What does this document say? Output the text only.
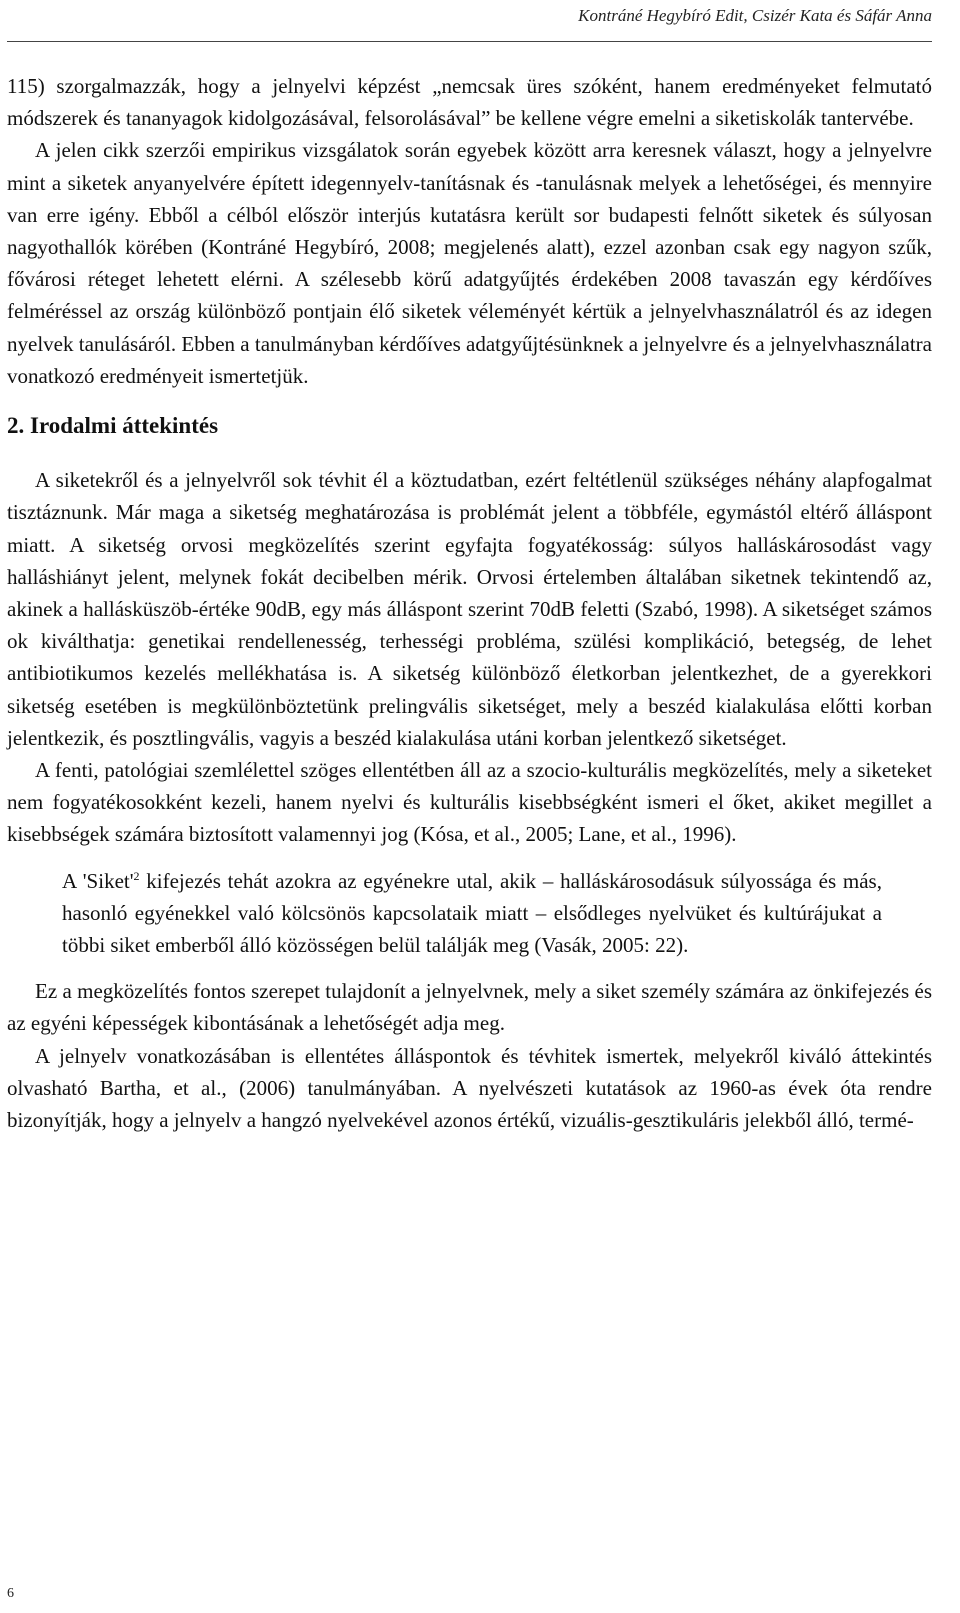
Kontráné Hegybíró Edit, Csizér Kata és Sáfár Anna

115) szorgalmazzák, hogy a jelnyelvi képzést „nemcsak üres szóként, hanem eredményeket felmutató módszerek és tananyagok kidolgozásával, felsorolásával” be kellene végre emelni a siketiskolák tantervébe.

A jelen cikk szerzői empirikus vizsgálatok során egyebek között arra keresnek választ, hogy a jelnyelvre mint a siketek anyanyelvére épített idegennyelv-tanításnak és -tanulásnak melyek a lehetőségei, és mennyire van erre igény. Ebből a célból először interjús kutatásra került sor budapesti felnőtt siketek és súlyosan nagyothallók körében (Kontráné Hegybíró, 2008; megjelenés alatt), ezzel azonban csak egy nagyon szűk, fővárosi réteget lehetett elérni. A szélesebb körű adatgyűjtés érdekében 2008 tavaszán egy kérdőíves felméréssel az ország különböző pontjain élő siketek véleményét kértük a jelnyelvhasználatról és az idegen nyelvek tanulásáról. Ebben a tanulmányban kérdőíves adatgyűjtésünknek a jelnyelvre és a jelnyelvhasználatra vonatkozó eredményeit ismertetjük.

2. Irodalmi áttekintés

A siketekről és a jelnyelvről sok tévhit él a köztudatban, ezért feltétlenül szükséges néhány alapfogalmat tisztáznunk. Már maga a siketség meghatározása is problémát jelent a többféle, egymástól eltérő álláspont miatt. A siketség orvosi megközelítés szerint egyfajta fogyatékosság: súlyos halláskárosodást vagy halláshiányt jelent, melynek fokát decibelben mérik. Orvosi értelemben általában siketnek tekintendő az, akinek a hallásküszöb-értéke 90dB, egy más álláspont szerint 70dB feletti (Szabó, 1998). A siketséget számos ok kiválthatja: genetikai rendellenesség, terhességi probléma, szülési komplikáció, betegség, de lehet antibiotikumos kezelés mellékhatása is. A siketség különböző életkorban jelentkezhet, de a gyerekkori siketség esetében is megkülönböztetünk prelingvális siketséget, mely a beszéd kialakulása előtti korban jelentkezik, és posztlingvális, vagyis a beszéd kialakulása utáni korban jelentkező siketséget.

A fenti, patológiai szemlélettel szöges ellentétben áll az a szocio-kulturális megközelítés, mely a siketeket nem fogyatékosokként kezeli, hanem nyelvi és kulturális kisebbségként ismeri el őket, akiket megillet a kisebbségek számára biztosított valamennyi jog (Kósa, et al., 2005; Lane, et al., 1996).

A '$Siket'^2$ kifejezés tehát azokra az egyénekre utal, akik – halláskárosodásuk súlyossága és más, hasonló egyénekkel való kölcsönös kapcsolataik miatt – elsődleges nyelvüket és kultúrájukat a többi siket emberből álló közösségen belül találják meg (Vasák, 2005: 22).

Ez a megközelítés fontos szerepet tulajdonít a jelnyelvnek, mely a siket személy számára az önkifejezés és az egyéni képességek kibontásának a lehetőségét adja meg.

A jelnyelv vonatkozásában is ellentétes álláspontok és tévhitek ismertek, melyekről kiváló áttekintés olvasható Bartha, et al., (2006) tanulmányában. A nyelvészeti kutatások az 1960-as évek óta rendre bizonyítják, hogy a jelnyelv a hangzó nyelvekével azonos értékű, vizuális-gesztikuláris jelekből álló, termé-

6
